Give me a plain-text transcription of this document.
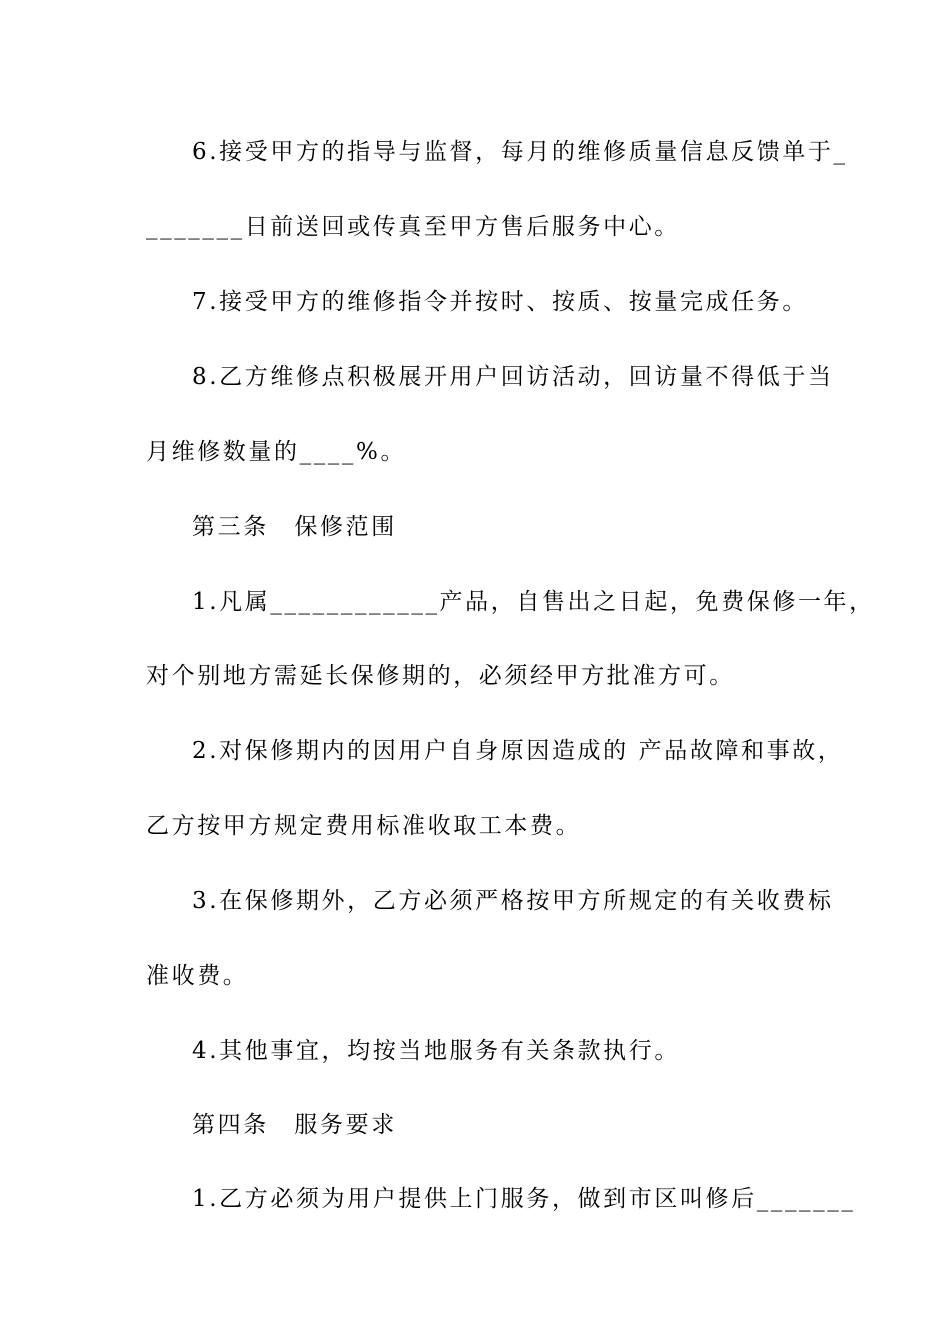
6.接受甲方的指导与监督，每月的维修质量信息反馈单于_
_______日前送回或传真至甲方售后服务中心。
7.接受甲方的维修指令并按时、按质、按量完成任务。
8.乙方维修点积极展开用户回访活动，回访量不得低于当
月维修数量的____%。
第三条　保修范围
1.凡属____________产品，自售出之日起，免费保修一年，
对个别地方需延长保修期的，必须经甲方批准方可。
2.对保修期内的因用户自身原因造成的 产品故障和事故，
乙方按甲方规定费用标准收取工本费。
3.在保修期外，乙方必须严格按甲方所规定的有关收费标
准收费。
4.其他事宜，均按当地服务有关条款执行。
第四条　服务要求
1.乙方必须为用户提供上门服务，做到市区叫修后_______
